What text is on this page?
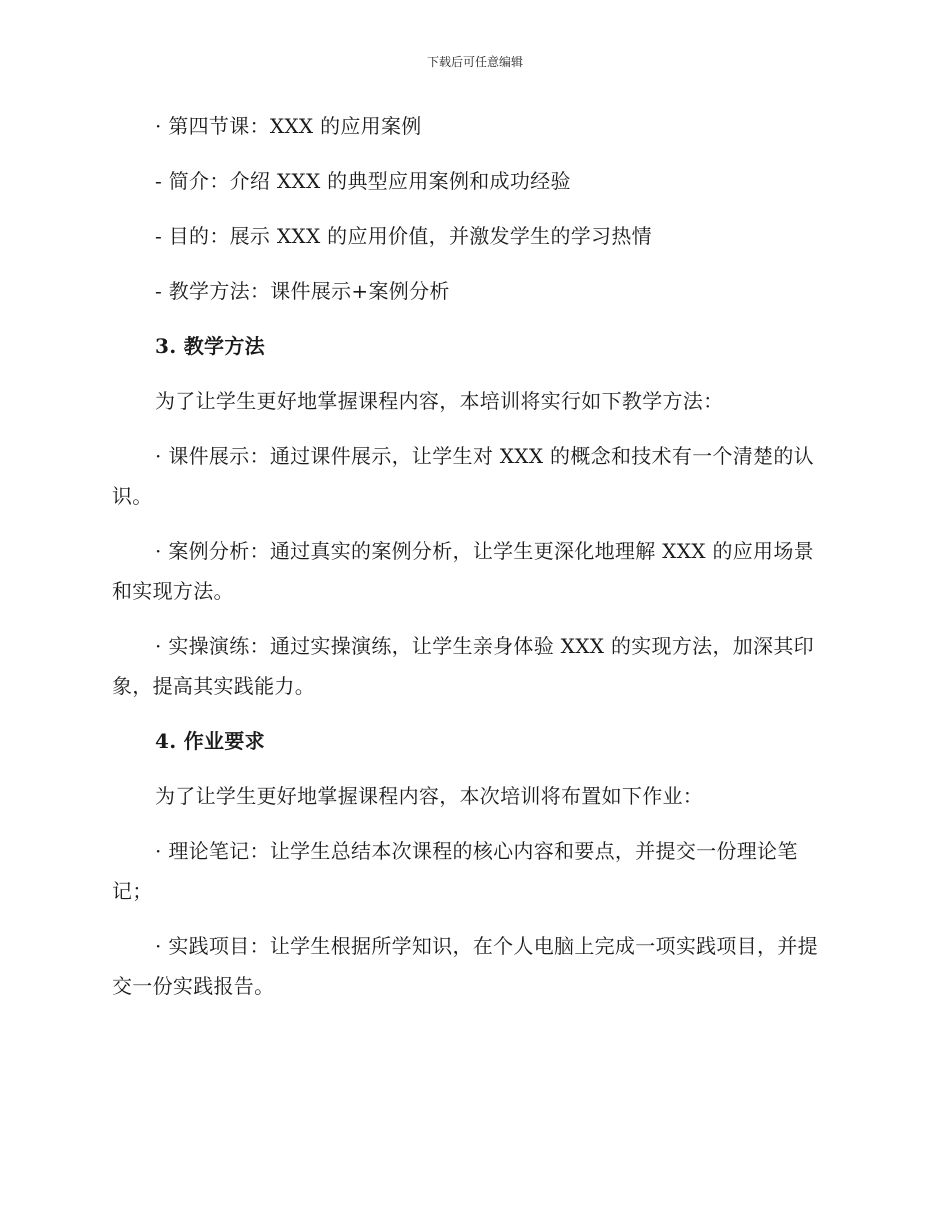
下载后可任意编辑

· 第四节课：XXX 的应用案例

- 简介：介绍 XXX 的典型应用案例和成功经验

- 目的：展示 XXX 的应用价值，并激发学生的学习热情

- 教学方法：课件展示+案例分析

3. 教学方法

为了让学生更好地掌握课程内容，本培训将实行如下教学方法：

· 课件展示：通过课件展示，让学生对 XXX 的概念和技术有一个清楚的认识。

· 案例分析：通过真实的案例分析，让学生更深化地理解 XXX 的应用场景和实现方法。

· 实操演练：通过实操演练，让学生亲身体验 XXX 的实现方法，加深其印象，提高其实践能力。

4. 作业要求

为了让学生更好地掌握课程内容，本次培训将布置如下作业：

· 理论笔记：让学生总结本次课程的核心内容和要点，并提交一份理论笔记；

· 实践项目：让学生根据所学知识，在个人电脑上完成一项实践项目，并提交一份实践报告。
